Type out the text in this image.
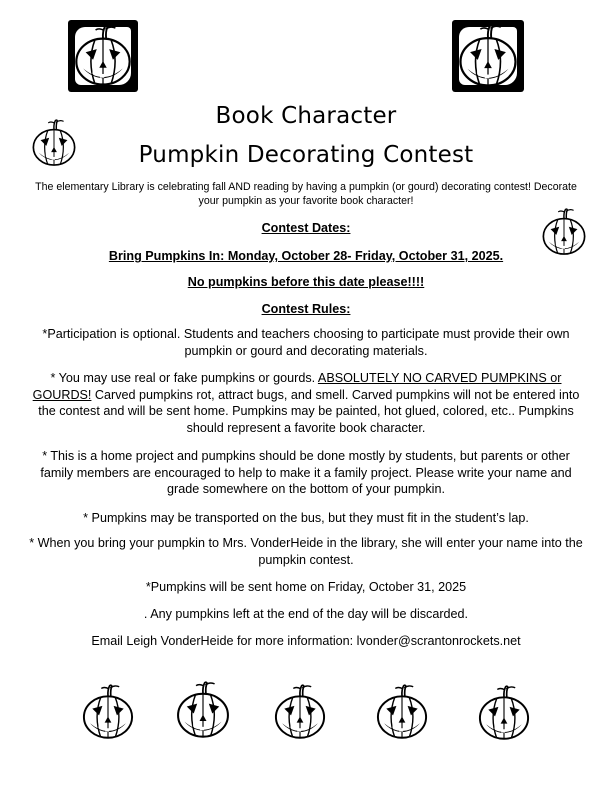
Book Character
Pumpkin Decorating Contest
The elementary Library is celebrating fall AND reading by having a pumpkin (or gourd) decorating contest! Decorate your pumpkin as your favorite book character!
Contest Dates:
Bring Pumpkins In: Monday, October 28- Friday, October 31, 2025.
No pumpkins before this date please!!!!
Contest Rules:
*Participation is optional. Students and teachers choosing to participate must provide their own pumpkin or gourd and decorating materials.
* You may use real or fake pumpkins or gourds. ABSOLUTELY NO CARVED PUMPKINS or GOURDS! Carved pumpkins rot, attract bugs, and smell. Carved pumpkins will not be entered into the contest and will be sent home. Pumpkins may be painted, hot glued, colored, etc.. Pumpkins should represent a favorite book character.
* This is a home project and pumpkins should be done mostly by students, but parents or other family members are encouraged to help to make it a family project. Please write your name and grade somewhere on the bottom of your pumpkin.
* Pumpkins may be transported on the bus, but they must fit in the student’s lap.
* When you bring your pumpkin to Mrs. VonderHeide in the library, she will enter your name into the pumpkin contest.
*Pumpkins will be sent home on Friday, October 31, 2025
. Any pumpkins left at the end of the day will be discarded.
Email Leigh VonderHeide for more information: lvonder@scrantonrockets.net
